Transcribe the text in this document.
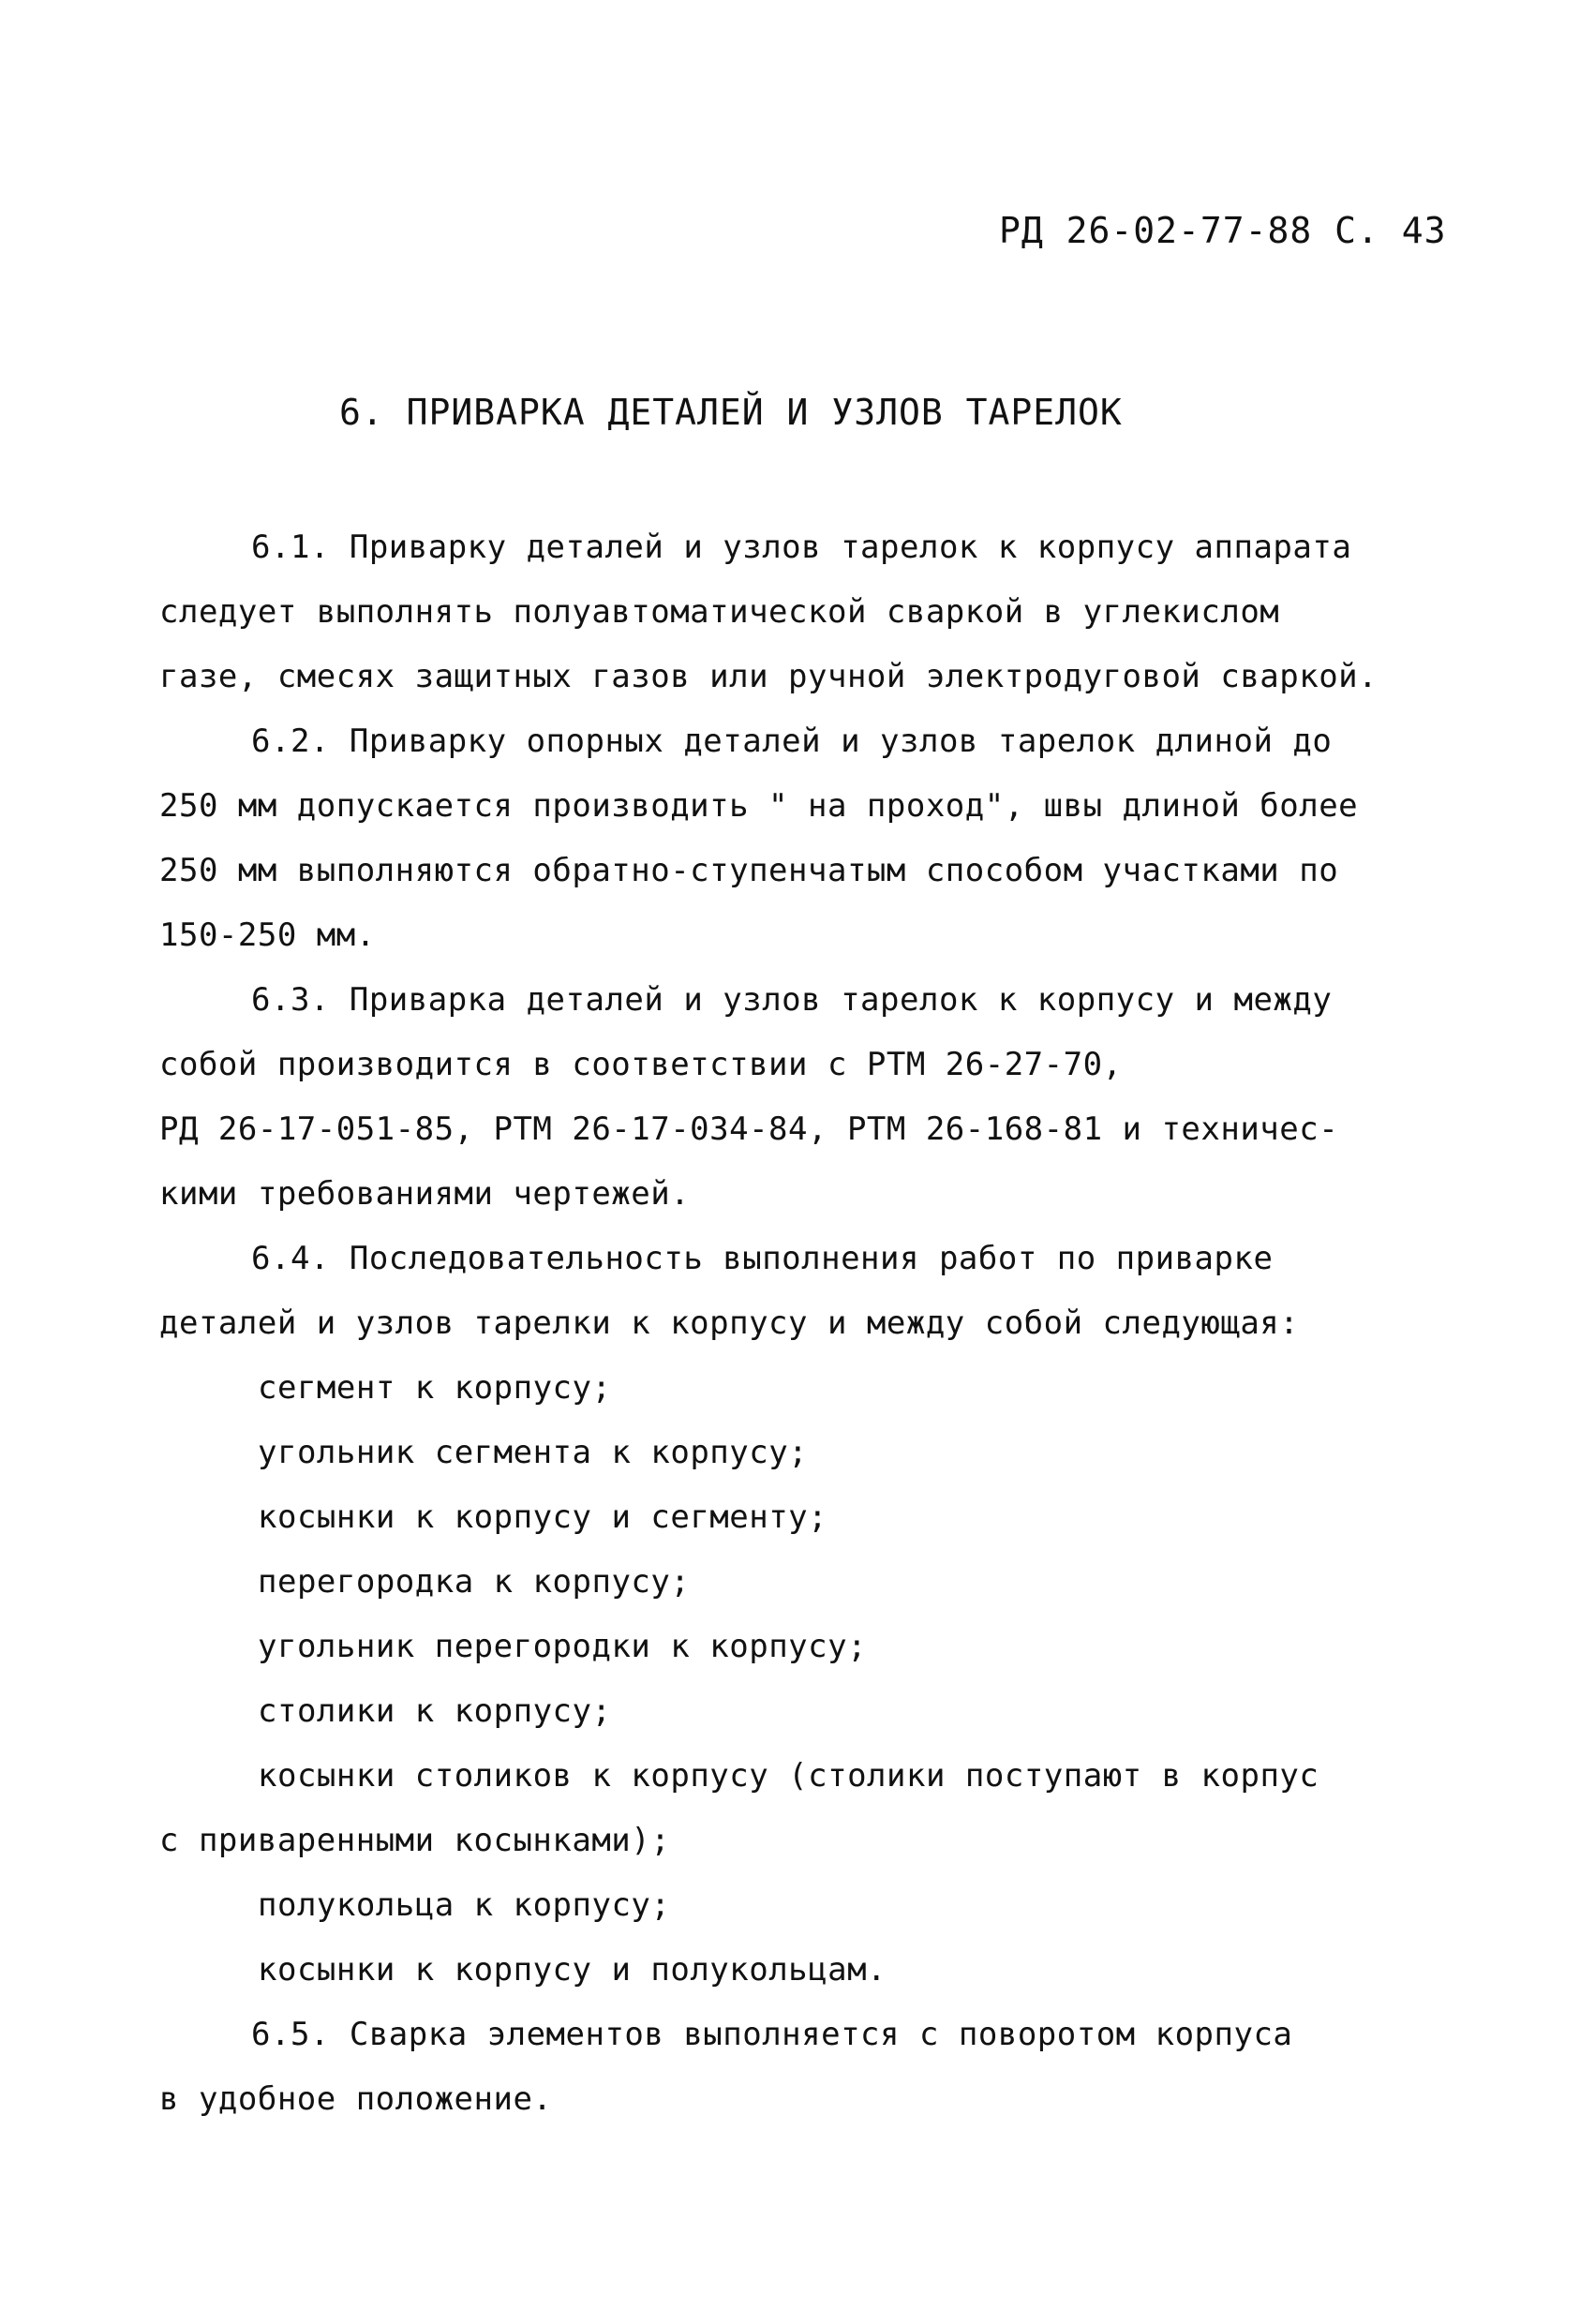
РД 26-02-77-88 С. 43
6. ПРИВАРКА ДЕТАЛЕЙ И УЗЛОВ ТАРЕЛОК
6.1. Приварку деталей и узлов тарелок к корпусу аппарата
следует выполнять полуавтоматической сваркой в углекислом
газе, смесях защитных газов или ручной электродуговой сваркой.
6.2. Приварку опорных деталей и узлов тарелок длиной до
250 мм допускается производить " на проход", швы длиной более
250 мм выполняются обратно-ступенчатым способом участками по
150-250 мм.
6.3. Приварка деталей и узлов тарелок к корпусу и между
собой производится в соответствии с РТМ 26-27-70,
РД 26-17-051-85, РТМ 26-17-034-84, РТМ 26-168-81 и техничес-
кими требованиями чертежей.
6.4. Последовательность выполнения работ по приварке
деталей и узлов тарелки к корпусу и между собой следующая:
сегмент к корпусу;
угольник сегмента к корпусу;
косынки к корпусу и сегменту;
перегородка к корпусу;
угольник перегородки к корпусу;
столики к корпусу;
косынки столиков к корпусу (столики поступают в корпус
с приваренными косынками);
полукольца к корпусу;
косынки к корпусу и полукольцам.
6.5. Сварка элементов выполняется с поворотом корпуса
в удобное положение.
